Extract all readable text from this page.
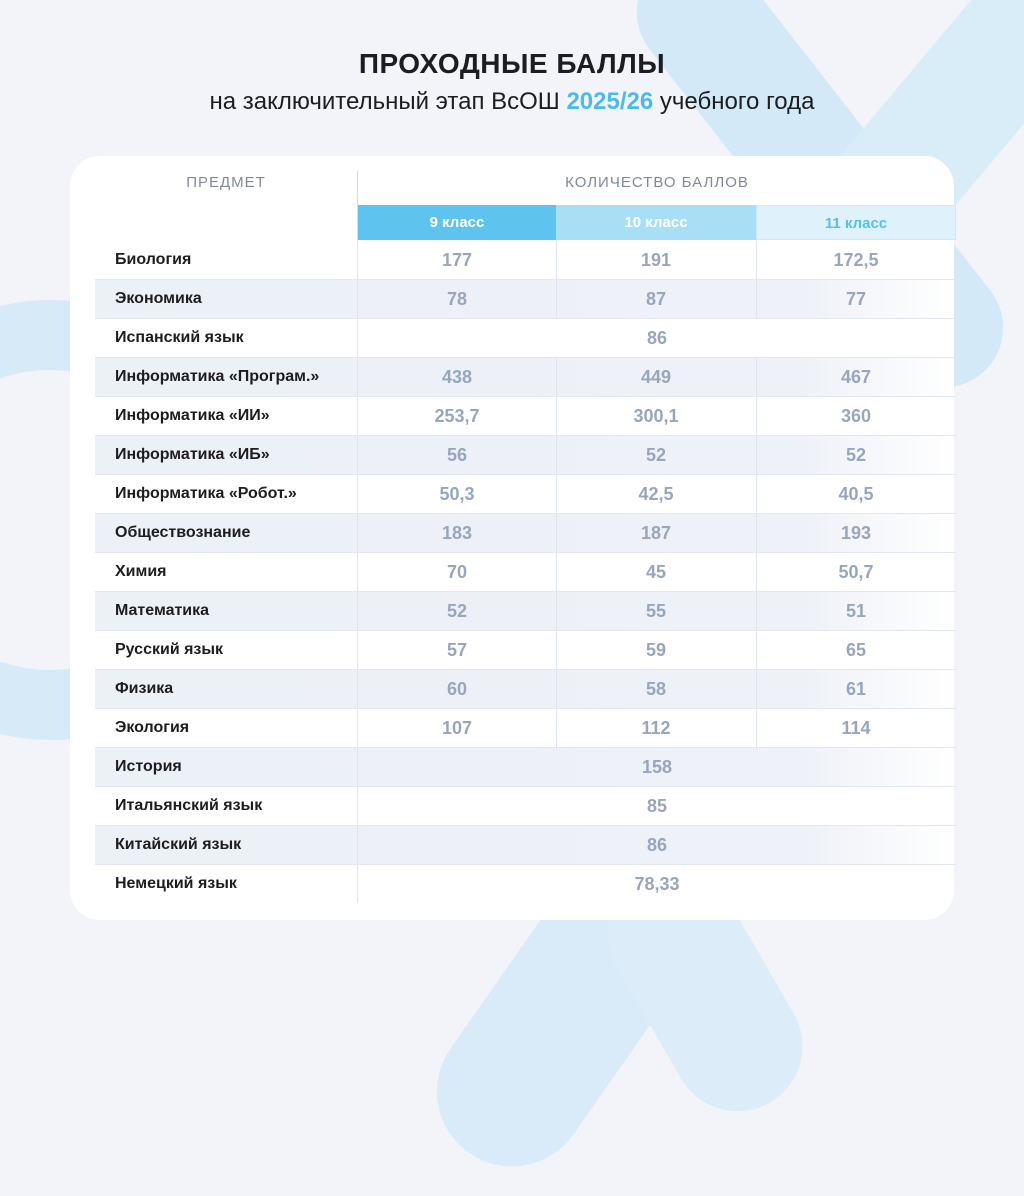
ПРОХОДНЫЕ БАЛЛЫ
на заключительный этап ВсОШ 2025/26 учебного года
ПРЕДМЕТ	КОЛИЧЕСТВО БАЛЛОВ
9 класс	10 класс	11 класс
Биология	177	191	172,5
Экономика	78	87	77
Испанский язык	86
Информатика «Програм.»	438	449	467
Информатика «ИИ»	253,7	300,1	360
Информатика «ИБ»	56	52	52
Информатика «Робот.»	50,3	42,5	40,5
Обществознание	183	187	193
Химия	70	45	50,7
Математика	52	55	51
Русский язык	57	59	65
Физика	60	58	61
Экология	107	112	114
История	158
Итальянский язык	85
Китайский язык	86
Немецкий язык	78,33
